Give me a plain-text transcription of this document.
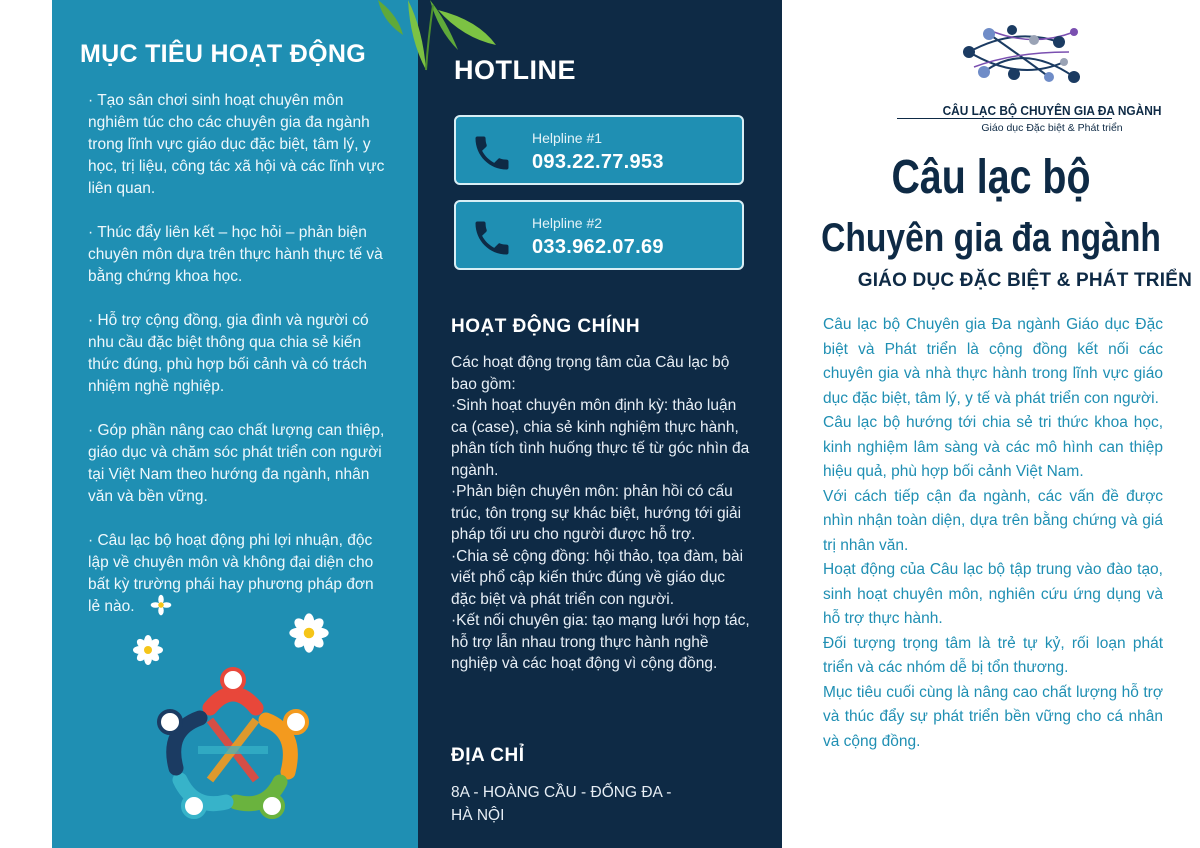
MỤC TIÊU HOẠT ĐỘNG

· Tạo sân chơi sinh hoạt chuyên môn nghiêm túc cho các chuyên gia đa ngành trong lĩnh vực giáo dục đặc biệt, tâm lý, y học, trị liệu, công tác xã hội và các lĩnh vực liên quan.

· Thúc đẩy liên kết – học hỏi – phản biện chuyên môn dựa trên thực hành thực tế và bằng chứng khoa học.

· Hỗ trợ cộng đồng, gia đình và người có nhu cầu đặc biệt thông qua chia sẻ kiến thức đúng, phù hợp bối cảnh và có trách nhiệm nghề nghiệp.

· Góp phần nâng cao chất lượng can thiệp, giáo dục và chăm sóc phát triển con người tại Việt Nam theo hướng đa ngành, nhân văn và bền vững.

· Câu lạc bộ hoạt động phi lợi nhuận, độc lập về chuyên môn và không đại diện cho bất kỳ trường phái hay phương pháp đơn lẻ nào.

HOTLINE
Helpline #1
093.22.77.953
Helpline #2
033.962.07.69
HOẠT ĐỘNG CHÍNH
Các hoạt động trọng tâm của Câu lạc bộ bao gồm:
·Sinh hoạt chuyên môn định kỳ: thảo luận ca (case), chia sẻ kinh nghiệm thực hành, phân tích tình huống thực tế từ góc nhìn đa ngành.
·Phản biện chuyên môn: phản hồi có cấu trúc, tôn trọng sự khác biệt, hướng tới giải pháp tối ưu cho người được hỗ trợ.
·Chia sẻ cộng đồng: hội thảo, tọa đàm, bài viết phổ cập kiến thức đúng về giáo dục đặc biệt và phát triển con người.
·Kết nối chuyên gia: tạo mạng lưới hợp tác, hỗ trợ lẫn nhau trong thực hành nghề nghiệp và các hoạt động vì cộng đồng.
ĐỊA CHỈ
8A - HOÀNG CẦU - ĐỐNG ĐA -
HÀ NỘI
CÂU LẠC BỘ CHUYÊN GIA ĐA NGÀNH
Giáo dục Đặc biệt & Phát triển
Câu lạc bộ
Chuyên gia đa ngành
GIÁO DỤC ĐẶC BIỆT & PHÁT TRIỂN

Câu lạc bộ Chuyên gia Đa ngành Giáo dục Đặc biệt và Phát triển là cộng đồng kết nối các chuyên gia và nhà thực hành trong lĩnh vực giáo dục đặc biệt, tâm lý, y tế và phát triển con người.

Câu lạc bộ hướng tới chia sẻ tri thức khoa học, kinh nghiệm lâm sàng và các mô hình can thiệp hiệu quả, phù hợp bối cảnh Việt Nam.

Với cách tiếp cận đa ngành, các vấn đề được nhìn nhận toàn diện, dựa trên bằng chứng và giá trị nhân văn.

Hoạt động của Câu lạc bộ tập trung vào đào tạo, sinh hoạt chuyên môn, nghiên cứu ứng dụng và hỗ trợ thực hành.

Đối tượng trọng tâm là trẻ tự kỷ, rối loạn phát triển và các nhóm dễ bị tổn thương.

Mục tiêu cuối cùng là nâng cao chất lượng hỗ trợ và thúc đẩy sự phát triển bền vững cho cá nhân và cộng đồng.
